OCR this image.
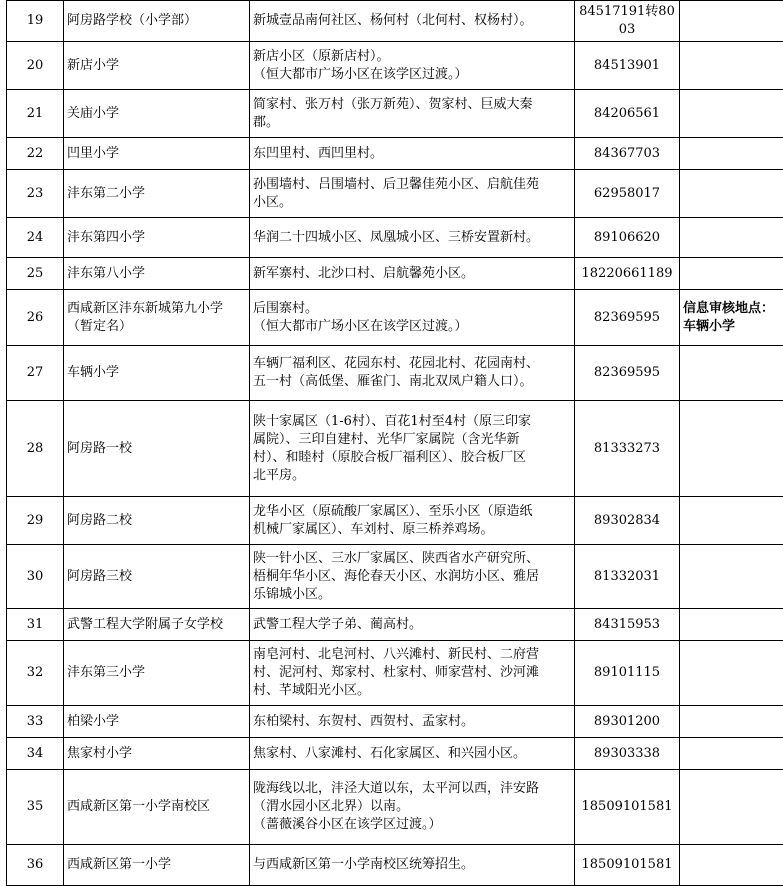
19	阿房路学校（小学部）	新城壹品南何社区、杨何村（北何村、权杨村）。	84517191转8003	

20	新店小学	新店小区（原新店村）。
（恒大都市广场小区在该学区过渡。）	84513901	

21	关庙小学	简家村、张万村（张万新苑）、贺家村、巨威大秦
郡。	84206561	

22	凹里小学	东凹里村、西凹里村。	84367703	

23	沣东第二小学	孙围墙村、吕围墙村、后卫馨佳苑小区、启航佳苑
小区。	62958017	

24	沣东第四小学	华润二十四城小区、凤凰城小区、三桥安置新村。	89106620	

25	沣东第八小学	新军寨村、北沙口村、启航馨苑小区。	18220661189	

26	西咸新区沣东新城第九小学
（暂定名）	后围寨村。
（恒大都市广场小区在该学区过渡。）	82369595	信息审核地点：车辆小学

27	车辆小学	车辆厂福利区、花园东村、花园北村、花园南村、
五一村（高低堡、雁雀门、南北双凤户籍人口）。	82369595	

28	阿房路一校	陕十家属区（1-6村）、百花1村至4村（原三印家
属院）、三印自建村、光华厂家属院（含光华新
村）、和睦村（原胶合板厂福利区）、胶合板厂区
北平房。	81333273	

29	阿房路二校	龙华小区（原硫酸厂家属区）、至乐小区（原造纸
机械厂家属区）、车刘村、原三桥养鸡场。	89302834	

30	阿房路三校	陕一针小区、三水厂家属区、陕西省水产研究所、
梧桐年华小区、海伦春天小区、水润坊小区、雅居
乐锦城小区。	81332031	

31	武警工程大学附属子女学校	武警工程大学子弟、蔺高村。	84315953	

32	沣东第三小学	南皂河村、北皂河村、八兴滩村、新民村、二府营
村、泥河村、郑家村、杜家村、师家营村、沙河滩
村、芊域阳光小区。	89101115	

33	柏梁小学	东柏梁村、东贺村、西贺村、孟家村。	89301200	

34	焦家村小学	焦家村、八家滩村、石化家属区、和兴园小区。	89303338	

35	西咸新区第一小学南校区	陇海线以北，沣泾大道以东，太平河以西，沣安路
（渭水园小区北界）以南。
（蔷薇溪谷小区在该学区过渡。）	18509101581	

36	西咸新区第一小学	与西咸新区第一小学南校区统筹招生。	18509101581	
